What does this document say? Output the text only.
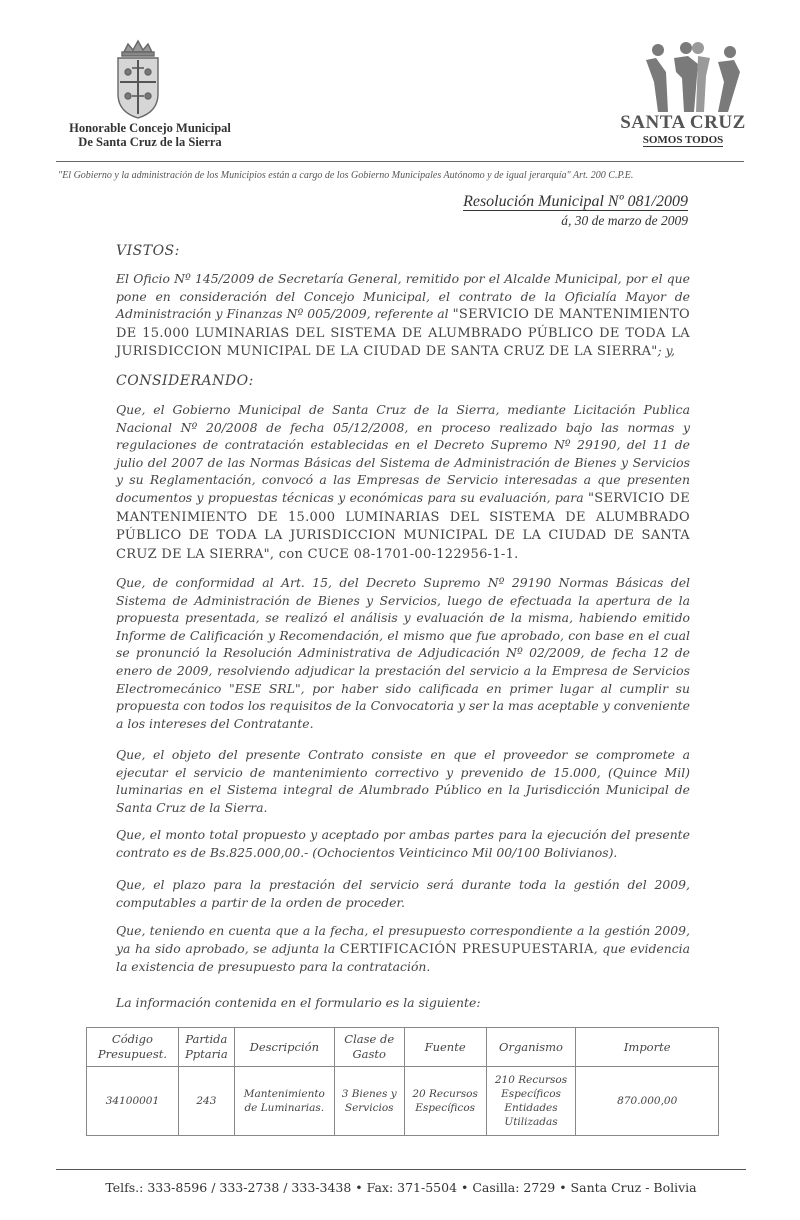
Honorable Concejo Municipal
De Santa Cruz de la Sierra
SANTA CRUZ
SOMOS TODOS
"El Gobierno y la administración de los Municipios están a cargo de los Gobierno Municipales Autónomo y de igual jerarquía" Art. 200 C.P.E.
Resolución Municipal Nº 081/2009
á, 30 de marzo de 2009
VISTOS:
El Oficio Nº 145/2009 de Secretaría General, remitido por el Alcalde Municipal, por el que pone en consideración del Concejo Municipal, el contrato de la Oficialía Mayor de Administración y Finanzas Nº 005/2009, referente al "SERVICIO DE MANTENIMIENTO DE 15.000 LUMINARIAS DEL SISTEMA DE ALUMBRADO PÚBLICO DE TODA LA JURISDICCION MUNICIPAL DE LA CIUDAD DE SANTA CRUZ DE LA SIERRA"; y,
CONSIDERANDO:
Que, el Gobierno Municipal de Santa Cruz de la Sierra, mediante Licitación Publica Nacional Nº 20/2008 de fecha 05/12/2008, en proceso realizado bajo las normas y regulaciones de contratación establecidas en el Decreto Supremo Nº 29190, del 11 de julio del 2007 de las Normas Básicas del Sistema de Administración de Bienes y Servicios y su Reglamentación, convocó a las Empresas de Servicio interesadas a que presenten documentos y propuestas técnicas y económicas para su evaluación, para "SERVICIO DE MANTENIMIENTO DE 15.000 LUMINARIAS DEL SISTEMA DE ALUMBRADO PÚBLICO DE TODA LA JURISDICCION MUNICIPAL DE LA CIUDAD DE SANTA CRUZ DE LA SIERRA", con CUCE 08-1701-00-122956-1-1.
Que, de conformidad al Art. 15, del Decreto Supremo Nº 29190 Normas Básicas del Sistema de Administración de Bienes y Servicios, luego de efectuada la apertura de la propuesta presentada, se realizó el análisis y evaluación de la misma, habiendo emitido Informe de Calificación y Recomendación, el mismo que fue aprobado, con base en el cual se pronunció la Resolución Administrativa de Adjudicación Nº 02/2009, de fecha 12 de enero de 2009, resolviendo adjudicar la prestación del servicio a la Empresa de Servicios Electromecánico "ESE SRL", por haber sido calificada en primer lugar al cumplir su propuesta con todos los requisitos de la Convocatoria y ser la mas aceptable y conveniente a los intereses del Contratante.
Que, el objeto del presente Contrato consiste en que el proveedor se compromete a ejecutar el servicio de mantenimiento correctivo y prevenido de 15.000, (Quince Mil) luminarias en el Sistema integral de Alumbrado Público en la Jurisdicción Municipal de Santa Cruz de la Sierra.
Que, el monto total propuesto y aceptado por ambas partes para la ejecución del presente contrato es de Bs.825.000,00.- (Ochocientos Veinticinco Mil 00/100 Bolivianos).
Que, el plazo para la prestación del servicio será durante toda la gestión del 2009, computables a partir de la orden de proceder.
Que, teniendo en cuenta que a la fecha, el presupuesto correspondiente a la gestión 2009, ya ha sido aprobado, se adjunta la CERTIFICACIÓN PRESUPUESTARIA, que evidencia la existencia de presupuesto para la contratación.
La información contenida en el formulario es la siguiente:
Código Presupuest.	Partida Pptaria	Descripción	Clase de Gasto	Fuente	Organismo	Importe
34100001	243	Mantenimiento de Luminarias.	3 Bienes y Servicios	20 Recursos Específicos	210 Recursos Específicos Entidades Utilizadas	870.000,00
Telfs.: 333-8596 / 333-2738 / 333-3438 • Fax: 371-5504 • Casilla: 2729 • Santa Cruz - Bolivia
